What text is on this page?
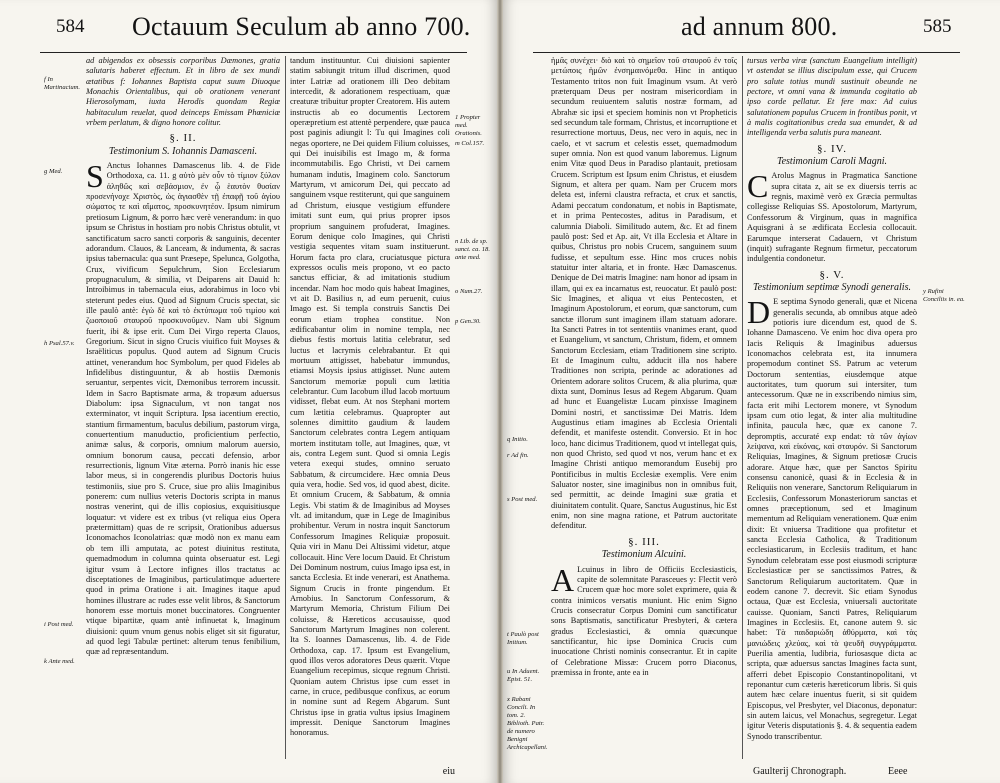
584 Octauum Seculum ab anno 700.
f In Martinacium.
g Med.
h Psal.57.v.
i Post med.
k Ante med.

ad abigendos ex obsessis corporibus Dæmones, gratia salutaris haberet effectum. Et in libro de sex mundi ætatibus f: Iohannes Baptista caput suum Diuoque Monachis Orientalibus, qui ob orationem venerant Hierosolymam, iuxta Herodis quondam Regiæ habitaculum reuelat, quod deinceps Emissam Phœniciæ vrbem perlatum, & digno honore colitur.

§. II.
Testimonium S. Iohannis Damasceni.

S Anctus Iohannes Damascenus lib. 4. de Fide Orthodoxa, ca. 11. g αὐτὸ μὲν οὖν τὸ τίμιον ξύλον ἀληθῶς καὶ σεβάσμιον, ἐν ᾧ ἑαυτὸν θυσίαν προσενήνοχε Χριστὸς, ὡς ἁγιασθὲν τῇ ἐπαφῇ τοῦ ἁγίου σώματος τε καὶ αἵματος, προσκυνητέον. Ipsum nimirum pretiosum Lignum, & porro hæc verè venerandum: in quo ipsum se Christus in hostiam pro nobis Christus obtulit, vt sanctificatum sacro sancti corporis & sanguinis, decenter adorandum. Clauos, & Lanceam, & indumenta, & sacras ipsius tabernacula: qua sunt Præsepe, Spelunca, Golgotha, Crux, vivificum Sepulchrum, Sion Ecclesiarum propugnaculum, & similia, vt Deiparens ait Dauid h: Introibimus in tabernacula eius, adorabimus in loco vbi steterunt pedes eius. Quod ad Signum Crucis spectat, sic ille paulò antè: ἐγὼ δὲ καὶ τὸ ἐκτύπωμα τοῦ τιμίου καὶ ζωοποιοῦ σταυροῦ προσκυνοῦμεν. Nam ubi Signum fuerit, ibi & ipse erit. Cum Dei Virgo reperta Clauos, Gregorium. Sicut in signo Crucis viuifico fuit Moyses & Israëliticus populus. Quod autem ad Signum Crucis attinet, venerandum hoc Symbolum, per quod Fideles ab Infidelibus distinguuntur, & ab hostiis Dæmonis seruantur, serpentes vicit, Dæmonibus terrorem incussit. Idem in Sacro Baptismate arma, & tropæum aduersus Diabolum: ipsa Signaculum, vt non tangat nos exterminator, vt inquit Scriptura. Ipsa iacentium erectio, stantium firmamentum, baculus debilium, pastorum virga, conuertentium manuductio, proficientium perfectio, animæ salus, & corporis, omnium malorum auersio, omnium bonorum causa, peccati defensio, arbor resurrectionis, lignum Vitæ æterna. Porrò inanis hic esse labor meus, si in congerendis pluribus Doctoris huius testimoniis, siue pro S. Cruce, siue pro aliis Imaginibus ponerem: cum nullius veteris Doctoris scripta in manus nostras venerint, qui de illis copiosius, exquisitiusque loquatur: vt videre est ex tribus (vt reliqua eius Opera prætermittam) quas de re scripsit, Orationibus aduersus Iconomachos Iconolatrias: quæ modò non ex manu eam ob tem illi amputata, ac potest diuinitus restituta, quemadmodum in columna quinta obseruatur est. Legi igitur vsum à Lectore infignes illos tractatus ac disceptationes de Imaginibus, particulatimque aduertere quod in prima Oratione i ait. Imagines itaque apud homines illustrare ac rudes esse velit libros, & Sanctorum honorem esse mortuis monet buccinatores. Congruenter vtique bipartitæ, quam antè infinuetat k, Imaginum diuisioni: quum vnum genus nobis eliget sit sit figuratur, ad quod legi Tabulæ pertinet: alterum tenus fenibilium, quæ ad repræsentandum.

tandum instituuntur. Cui diuisioni sapienter statim sabiungit tritum illud discrimen, quod inter Latriæ ad orationem illi Deo debitam intercedit, & adorationem respectiuam, quæ creaturæ tribuitur propter Creatorem. His autem instructis ab eo documentis Lectorem operæpretium est attentè perpendere, quæ pauca post paginis adiungit l: Tu qui Imagines coli negas oportere, ne Dei quidem Filium coluisses, qui Dei inuisibilis est Imago m, & forma incommutabilis. Ego Christi, vt Dei carnem humanam indutis, Imaginem colo. Sanctorum Martyrum, vt amicorum Dei, qui peccato ad sanguinem vsque restiterunt, qui que sanguinem ad Christum, eiusque vestigium effundere imitati sunt eum, qui prius proprer ipsos proprium sanguinem profuderat, Imagines. Eorum denique colo Imagines, qui Christi vestigia sequentes vitam suam instituerunt. Horum facta pro clara, cruciatusque pictura expressos oculis meis propono, vt eo pacto sanctus efficiar, & ad imitationis studium incendar. Nam hoc modo quis habeat Imagines, vt ait D. Basilius n, ad eum peruenit, cuius Imago est. Si templa construis Sanctis Dei eorum etiam trophea constitue. Non ædificabantur olim in nomine templa, nec diebus festis mortuis latitia celebratur, sed luctus et lacrymis celebrabantur. Et qui mortuum attigisset, habebatur immundus, etiamsi Moysis ipsius attigisset. Nunc autem Sanctorum memoriæ populi cum lætitia celebrantur. Cum Iacobum illud lacob mortuum vidisset, flebat eum. At nos Stephani mortem cum lætitia celebramus. Quapropter aut solennes dimittito gaudium & laudem Sanctorum celebrates contra Legem antiquam mortem institutam tolle, aut Imagines, quæ, vt ais, contra Legem sunt. Quod si omnia Legis vetera exequi studes, omnino seruato Sabbatum, & circumcidere. Hæc omnia Deus quia vera, hodie. Sed vos, id quod abest, dicite. Et omnium Crucem, & Sabbatum, & omnia Legis. Vbi statim & de Imaginibus ad Moyses vlt. ad imitandum, quæ in Lege de Imaginibus prohibentur. Verum in nostra inquit Sanctorum Confessorum Imagines Reliquiæ proposuit. Quia viri in Manu Dei Altissimi videtur, atque collocauit. Hinc Vere locum Dauid. Et Christum Dei Dominum nostrum, cuius Imago ipsa est, in sancta Ecclesia. Et inde venerari, est Anathema. Signum Crucis in fronte pingendum. Et Arnobius. In Sanctorum Confessorum, & Martyrum Memoria, Christum Filium Dei coluisse, & Hæreticos accusauisse, quod Sanctorum Martyrum Imagines non colerent. Ita S. Ioannes Damascenus, lib. 4. de Fide Orthodoxa, cap. 17. Ipsum est Evangelium, quod illos veros adoratores Deus quærit. Vtque Euangelium recepimus, sicque regnum Christi. Quoniam autem Christus ipse cum esset in carne, in cruce, pedibusque confixus, ac eorum in nomine sunt ad Regem Abgarum. Sunt Christus ipse in gratia vultus ipsius Imaginem impressit. Denique Sanctorum Imagines honoramus.

1 Propter med. Orationis.
m Col.157.
n Lib. de sp. sanct. ca. 18. ante med.
o Num.27.
p Gen.30.
eiu
ad annum 800.	585
q Initio.
r Ad fin.
s Post med.
t Paulò post Initium.
u In Aduent. Epist. 51.
x Rabani Concili. In tom. 2. Biblioth. Patr. de numero Benigni Archicapellani.

ἡμᾶς συνέχει· διὸ καὶ τὸ σημεῖον τοῦ σταυροῦ ἐν τοῖς μετώποις ἡμῶν ἐνσημαινόμεθα. Hinc in antiquo Testamento tritos non fuit Imaginum vsum. At verò præterquam Deus per nostram misericordiam in secundum reuiuentem salutis nostræ formam, ad Abrahæ sic ipsi et speciem hominis non vt Propheticis sed secundum tale formam, Christus, et incorruptione et resurrectione mortuus, Deus, nec vero in aquis, nec in caelo, et vt sacrum et celestis esset, quemadmodum super omnia. Non est quod vanum laboremus. Lignum enim Vitæ quod Deus in Paradiso plantauit, pretiosam Crucem. Scriptum est Ipsum enim Christus, et eiusdem Signum, et altera per quam. Nam per Crucem mors deleta est, inferni claustra refracta, et crux et sanctis, Adami peccatum condonatum, et nobis in Baptismate, et in prima Pentecostes, aditus in Paradisum, et calumnia Diaboli. Similitudo autem, &c. Et ad finem paulò post: Sed et Ap. ait, Vt illa Ecclesia et Altare in quibus, Christus pro nobis Crucem, sanguinem suum fudisse, et sepultum esse. Hinc mos cruces nobis statuitur inter altaria, et in fronte. Hæc Damascenus. Denique de Dei matris Imagine: nam honor ad ipsam in illam, qui ex ea incarnatus est, reuocatur. Et paulò post: Sic Imagines, et aliqua vt eius Pentecosten, et Imaginum Apostolorum, et eorum, quæ sanctorum, cum sanctæ illorum sunt imaginem illam statuam adorare. Ita Sancti Patres in tot sententiis vnanimes erant, quod et Euangelium, vt sanctum, Christum, fidem, et omnem Sanctorum Ecclesiam, etiam Traditionem sine scripto. Et de Imaginum cultu, adducit illa nos habere Traditiones non scripta, perinde ac adorationes ad Orientem adorare solitos Crucem, & alia plurima, quæ dixta sunt, Dominus Iesus ad Regem Abgarum. Quam ad hunc et Euangelistæ Lucam pinxisse Imaginem Domini nostri, et sanctissimæ Dei Matris. Idem Augustinus etiam imagines ab Ecclesia Orientali defendit, et manifeste ostendit. Conversio. Et in hoc loco, hanc dicimus Traditionem, quod vt intellegat quis, non quod Christo, sed quod vt nos, verum hanc et ex Imagine Christi antiquo memorandum Eusebij pro Pontificibus in multis Ecclesiæ exemplis. Vere enim Saluator noster, sine imaginibus non in omnibus fuit, sed permittit, ac deinde Imagini suæ gratia et diuinitatem contulit. Quare, Sanctus Augustinus, hic Est enim, non sine magna ratione, et Patrum auctoritate defenditur.

§. III.
Testimonium Alcuini.

A Lcuinus in libro de Officiis Ecclesiasticis, capite de solemnitate Parasceues y: Flectit verò Crucem quæ hoc more solet exprimere, quia & contra inimicos versatis muniunt. Hic enim Signo Crucis consecratur Corpus Domini cum sanctificatur sons Baptismatis, sanctificatur Presbyteri, & cætera gradus Ecclesiastici, & omnia quæcunque sanctificantur, hic ipse Dominica Crucis cum inuocatione Christi nominis consecrantur. Et in capite of Celebratione Missæ: Crucem porro Diaconus, præmissa in fronte, ante ea in

tursus verba viræ (sanctum Euangelium intelligit) vt ostendat se illius discipulum esse, qui Crucem pro salute totius mundi sustinuit obeunde ne pectore, vt omni vana & immunda cogitatio ab ipso corde pellatur. Et fere mox: Ad cuius salutationem populus Crucem in frontibus ponit, vt à malis cogitationibus creda sua emundet, & ad intelligenda verba salutis pura maneant.

§. IV.
Testimonium Caroli Magni.

C Arolus Magnus in Pragmatica Sanctione supra citata z, ait se ex diuersis terris ac regnis, maximè verò ex Græcia permultas collegisse Reliquias SS. Apostolorum, Martyrum, Confessorum & Virginum, quas in magnifica Aquisgrani à se ædificata Ecclesia collocauit. Earumque interserat Cadauern, vt Christum (inquit) sufragante Regnum firmetur, peccatorum indulgentia condonetur.

§. V.
Testimonium septimæ Synodi generalis.

D E septima Synodo generali, quæ et Nicena generalis secunda, ab omnibus atque adeò potioris iure dicendum est, quod de S. Iohanne Damasceno. Ve enim hoc diva opera pro Iacis Reliquis & Imaginibus aduersus Iconomachos celebrata est, ita innumera propemodum continet SS. Patrum ac veterum Doctorum sententias, eiusdemque atque auctoritates, tum quorum sui intersiter, tum antecessorum. Quæ ne in exscribendo nimius sim, facta erit mihi Lectorem monere, vt Synodum ipsam cum otio legat, & inter alia multitudine infinita, paucula hæc, quæ ex canone 7. depromptis, accuraté exp endat: τὰ τῶν ἁγίων λείψανα, καὶ εἰκόνας, καὶ σταυρόν. Si Sanctorum Reliquias, Imagines, & Signum pretiosæ Crucis adorare. Atque hæc, quæ per Sanctos Spiritu consensu canonicè, quasi & in Ecclesia & in Reliquiis non venerare, Sanctorum Reliquiarum in Ecclesiis, Confessorum Monasteriorum sanctas et omnes præceptionum, sed et Imaginum mementum ad Reliquiam venerationem. Quæ enim dixit: Et vniuersa Traditione qua profitetur et sancta Ecclesia Catholica, & Traditionum ecclesiasticarum, in Ecclesiis traditum, et hanc Synodum celebratam esse post eiusmodi scripturæ Ecclesiasticæ per se sanctissimos Patres, & Sanctorum Reliquiarum auctoritatem. Quæ in eodem canone 7. decrevit. Sic etiam Synodus octaua, Quæ est Ecclesia, vniuersali auctoritate cauisse. Quoniam, Sancti Patres, Reliquiarum Imagines in Ecclesiis. Et, canone autem 9. sic habet: Τὰ παιδαριώδη ἀθύρματα, καὶ τὰς μανιώδεις χλεύας, καὶ τὰ ψευδῆ συγγράμματα. Puerilia amentia, ludibria, furiosasque dicta ac scripta, quæ aduersus sanctas Imagines facta sunt, afferri debet Episcopio Constantinopolitani, vt reponantur cum cæteris hæreticorum libris. Si quis autem hæc celare inuentus fuerit, si sit quidem Episcopus, vel Presbyter, vel Diaconus, deponatur: sin autem laicus, vel Monachus, segregetur. Legat igitur Veteris disputationis §. 4. & sequentia eadem Synodo transcribentur.

y Rufini Conciliis in. ea.
Gaulterij Chronograph.	Eeee
